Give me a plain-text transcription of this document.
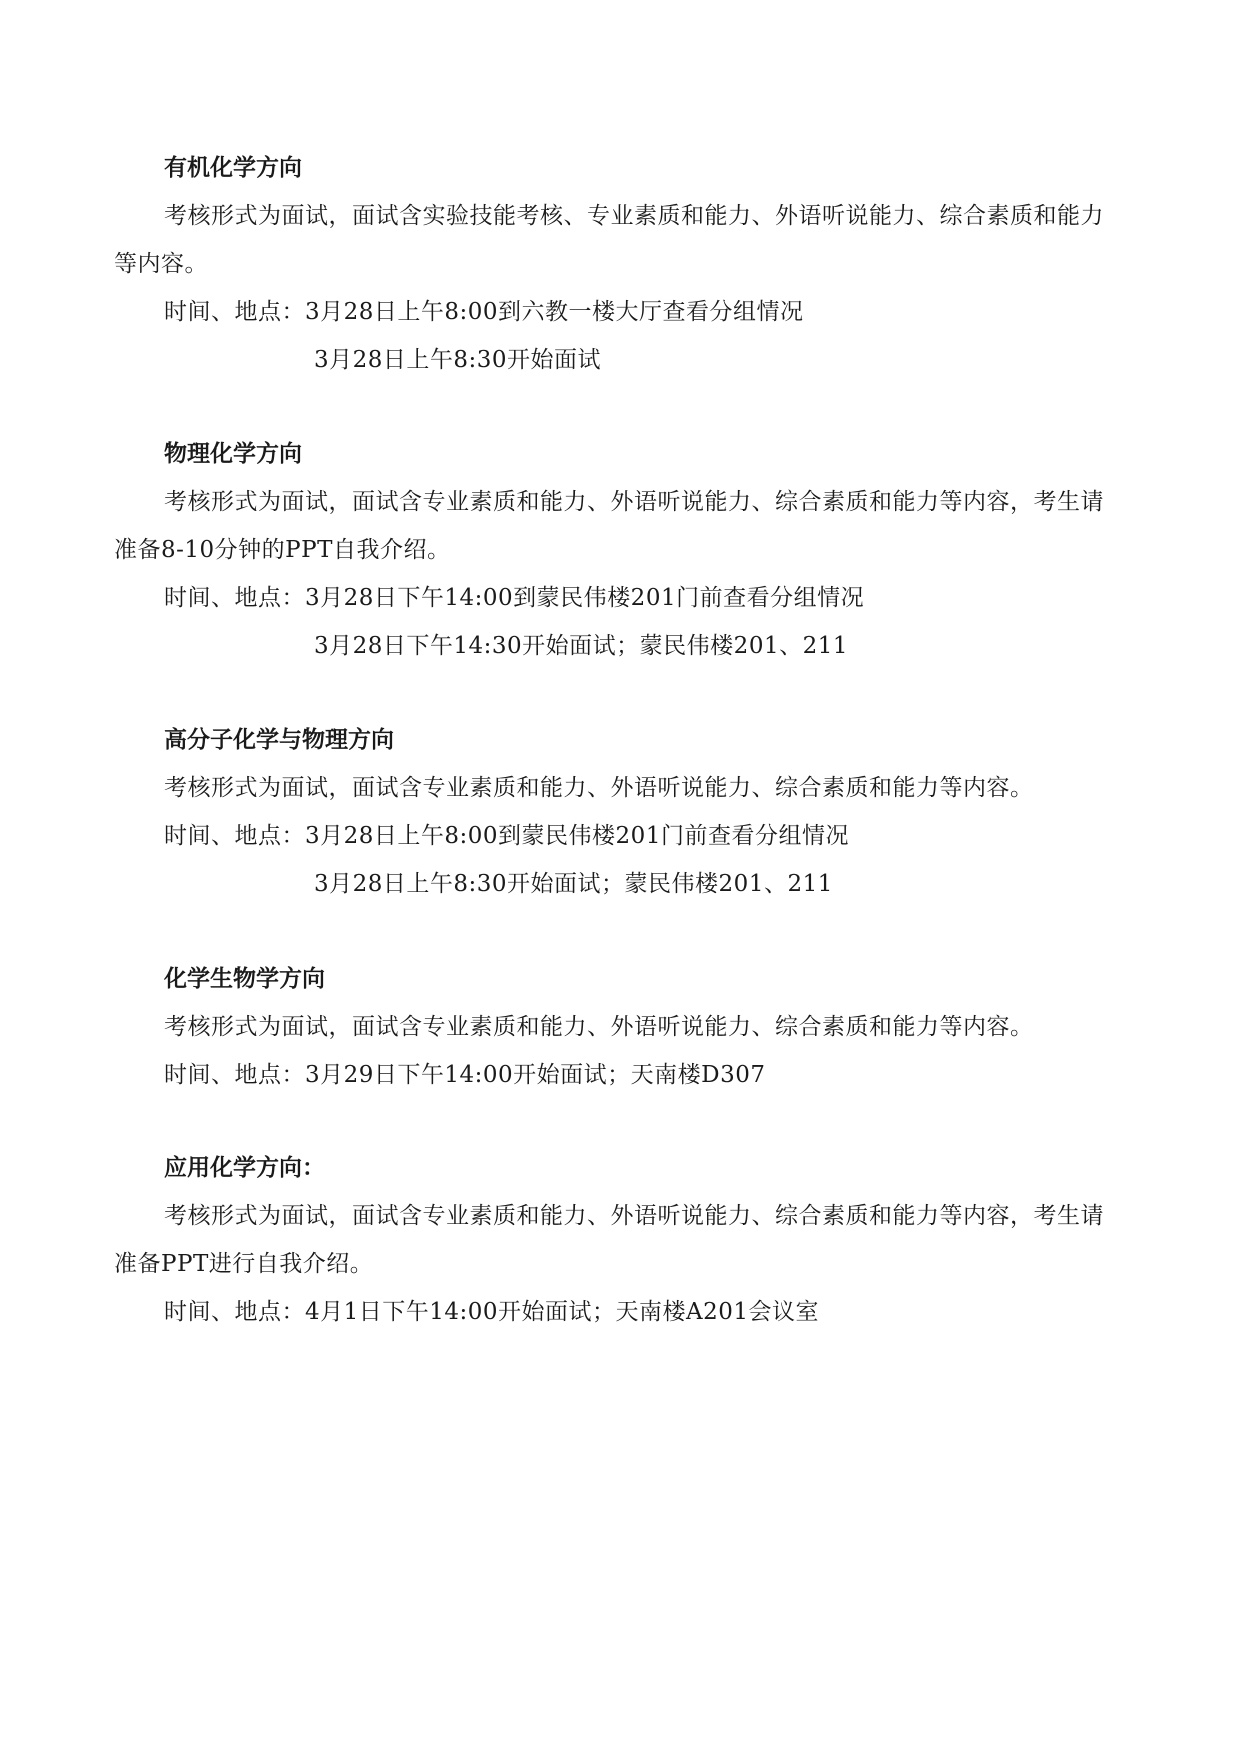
有机化学方向

考核形式为面试，面试含实验技能考核、专业素质和能力、外语听说能力、综合素质和能力等内容。

时间、地点：3月28日上午8:00到六教一楼大厅查看分组情况
3月28日上午8:30开始面试
物理化学方向

考核形式为面试，面试含专业素质和能力、外语听说能力、综合素质和能力等内容，考生请准备8-10分钟的PPT自我介绍。

时间、地点：3月28日下午14:00到蒙民伟楼201门前查看分组情况
3月28日下午14:30开始面试；蒙民伟楼201、211
高分子化学与物理方向

考核形式为面试，面试含专业素质和能力、外语听说能力、综合素质和能力等内容。

时间、地点：3月28日上午8:00到蒙民伟楼201门前查看分组情况
3月28日上午8:30开始面试；蒙民伟楼201、211
化学生物学方向

考核形式为面试，面试含专业素质和能力、外语听说能力、综合素质和能力等内容。

时间、地点：3月29日下午14:00开始面试；天南楼D307
应用化学方向：

考核形式为面试，面试含专业素质和能力、外语听说能力、综合素质和能力等内容，考生请准备PPT进行自我介绍。

时间、地点：4月1日下午14:00开始面试；天南楼A201会议室
